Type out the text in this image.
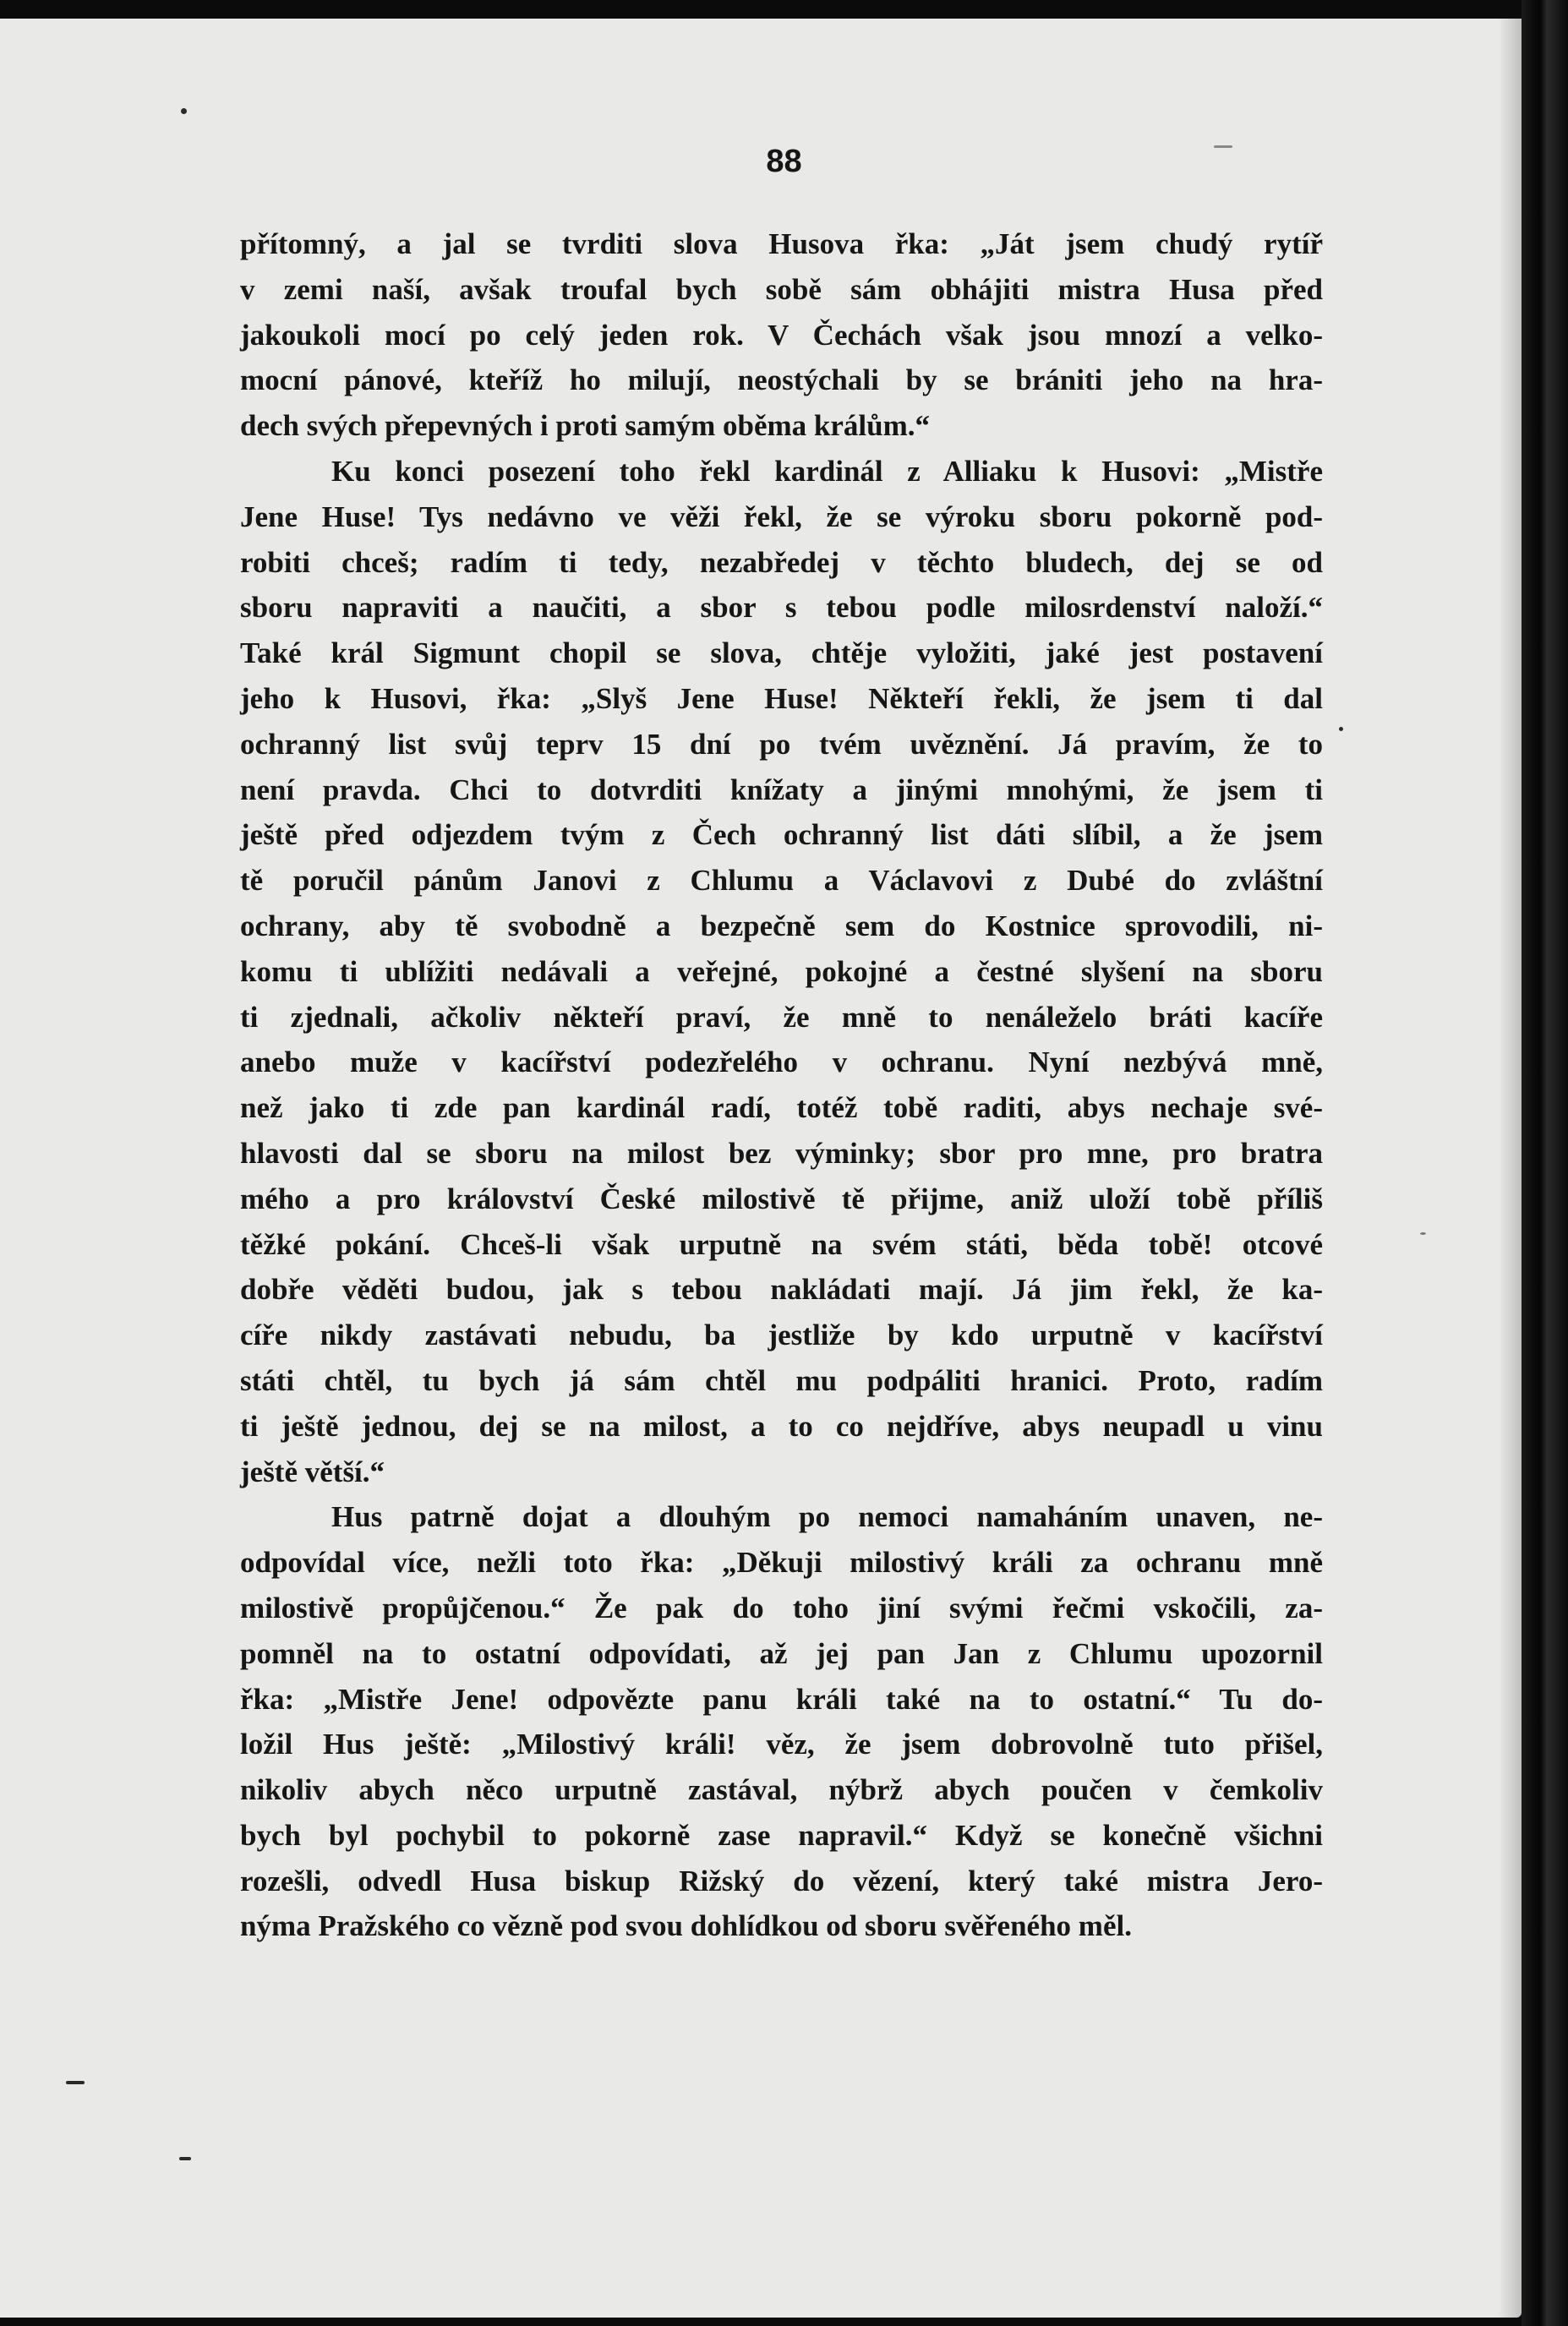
88
přítomný, a jal se tvrditi slova Husova řka: „Ját jsem chudý rytíř
v zemi naší, avšak troufal bych sobě sám obhájiti mistra Husa před
jakoukoli mocí po celý jeden rok. V Čechách však jsou mnozí a velko-
mocní pánové, kteříž ho milují, neostýchali by se brániti jeho na hra-
dech svých přepevných i proti samým oběma králům.“
Ku konci posezení toho řekl kardinál z Alliaku k Husovi: „Mistře
Jene Huse! Tys nedávno ve věži řekl, že se výroku sboru pokorně pod-
robiti chceš; radím ti tedy, nezabředej v těchto bludech, dej se od
sboru napraviti a naučiti, a sbor s tebou podle milosrdenství naloží.“
Také král Sigmunt chopil se slova, chtěje vyložiti, jaké jest postavení
jeho k Husovi, řka: „Slyš Jene Huse! Někteří řekli, že jsem ti dal
ochranný list svůj teprv 15 dní po tvém uvěznění. Já pravím, že to
není pravda. Chci to dotvrditi knížaty a jinými mnohými, že jsem ti
ještě před odjezdem tvým z Čech ochranný list dáti slíbil, a že jsem
tě poručil pánům Janovi z Chlumu a Václavovi z Dubé do zvláštní
ochrany, aby tě svobodně a bezpečně sem do Kostnice sprovodili, ni-
komu ti ublížiti nedávali a veřejné, pokojné a čestné slyšení na sboru
ti zjednali, ačkoliv někteří praví, že mně to nenáleželo bráti kacíře
anebo muže v kacířství podezřelého v ochranu. Nyní nezbývá mně,
než jako ti zde pan kardinál radí, totéž tobě raditi, abys nechaje své-
hlavosti dal se sboru na milost bez výminky; sbor pro mne, pro bratra
mého a pro království České milostivě tě přijme, aniž uloží tobě příliš
těžké pokání. Chceš-li však urputně na svém státi, běda tobě! otcové
dobře věděti budou, jak s tebou nakládati mají. Já jim řekl, že ka-
cíře nikdy zastávati nebudu, ba jestliže by kdo urputně v kacířství
státi chtěl, tu bych já sám chtěl mu podpáliti hranici. Proto, radím
ti ještě jednou, dej se na milost, a to co nejdříve, abys neupadl u vinu
ještě větší.“
Hus patrně dojat a dlouhým po nemoci namaháním unaven, ne-
odpovídal více, nežli toto řka: „Děkuji milostivý králi za ochranu mně
milostivě propůjčenou.“ Že pak do toho jiní svými řečmi vskočili, za-
pomněl na to ostatní odpovídati, až jej pan Jan z Chlumu upozornil
řka: „Mistře Jene! odpovězte panu králi také na to ostatní.“ Tu do-
ložil Hus ještě: „Milostivý králi! věz, že jsem dobrovolně tuto přišel,
nikoliv abych něco urputně zastával, nýbrž abych poučen v čemkoliv
bych byl pochybil to pokorně zase napravil.“ Když se konečně všichni
rozešli, odvedl Husa biskup Rižský do vězení, který také mistra Jero-
nýma Pražského co vězně pod svou dohlídkou od sboru svěřeného měl.
